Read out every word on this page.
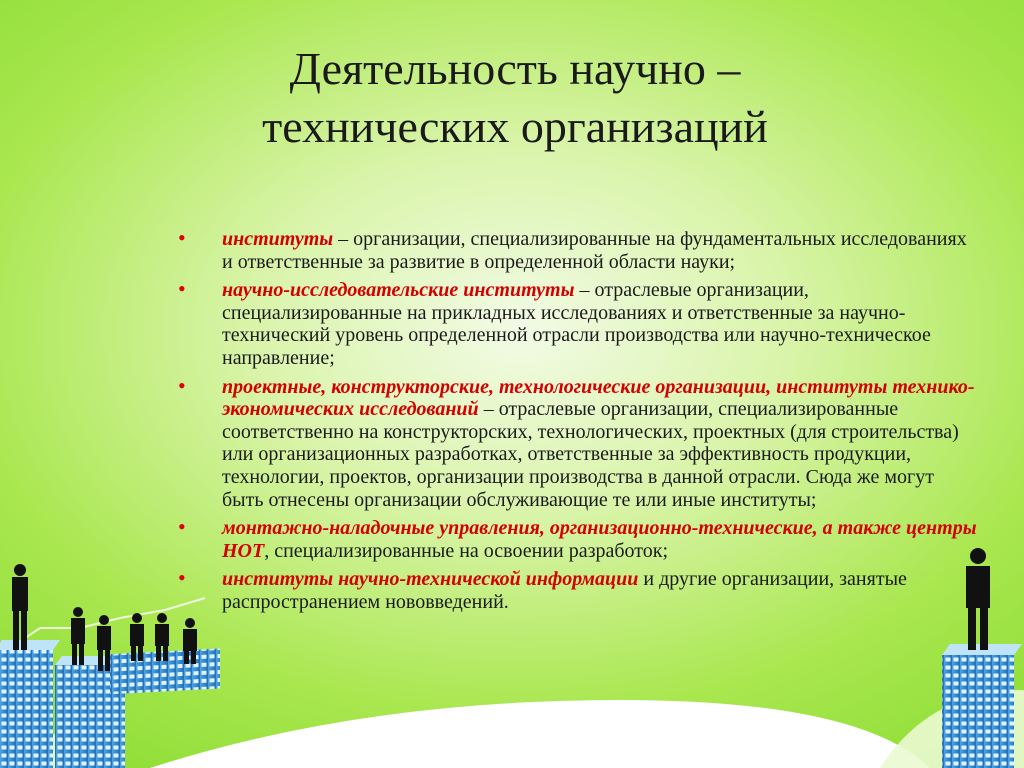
Деятельность научно –
технических организаций
• институты – организации, специализированные на фундаментальных исследованиях и ответственные за развитие в определенной области науки;
• научно-исследовательские институты – отраслевые организации, специализированные на прикладных исследованиях и ответственные за научно-технический уровень определенной отрасли производства или научно-техническое направление;
• проектные, конструкторские, технологические организации, институты технико-экономических исследований – отраслевые организации, специализированные соответственно на конструкторских, технологических, проектных (для строительства) или организационных разработках, ответственные за эффективность продукции, технологии, проектов, организации производства в данной отрасли. Сюда же могут быть отнесены организации обслуживающие те или иные институты;
• монтажно-наладочные управления, организационно-технические, а также центры НОТ, специализированные на освоении разработок;
• институты научно-технической информации и другие организации, занятые распространением нововведений.
